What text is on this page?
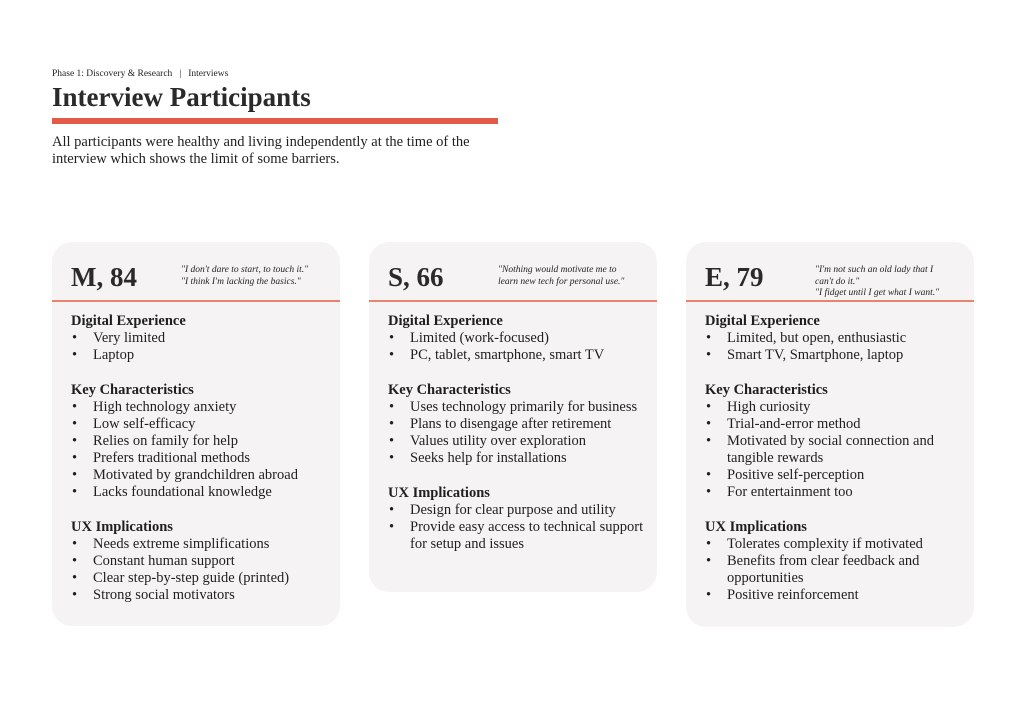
Phase 1: Discovery & Research | Interviews
Interview Participants

All participants were healthy and living independently at the time of the interview which shows the limit of some barriers.

M, 84	"I don't dare to start, to touch it."
"I think I'm lacking the basics."
Digital Experience
• Very limited
• Laptop
Key Characteristics
• High technology anxiety
• Low self-efficacy
• Relies on family for help
• Prefers traditional methods
• Motivated by grandchildren abroad
• Lacks foundational knowledge
UX Implications
• Needs extreme simplifications
• Constant human support
• Clear step-by-step guide (printed)
• Strong social motivators
S, 66	"Nothing would motivate me to
learn new tech for personal use."
Digital Experience
• Limited (work-focused)
• PC, tablet, smartphone, smart TV
Key Characteristics
• Uses technology primarily for business
• Plans to disengage after retirement
• Values utility over exploration
• Seeks help for installations
UX Implications
• Design for clear purpose and utility
• Provide easy access to technical support for setup and issues
E, 79	"I'm not such an old lady that I
can't do it."
"I fidget until I get what I want."
Digital Experience
• Limited, but open, enthusiastic
• Smart TV, Smartphone, laptop
Key Characteristics
• High curiosity
• Trial-and-error method
• Motivated by social connection and tangible rewards
• Positive self-perception
• For entertainment too
UX Implications
• Tolerates complexity if motivated
• Benefits from clear feedback and opportunities
• Positive reinforcement
